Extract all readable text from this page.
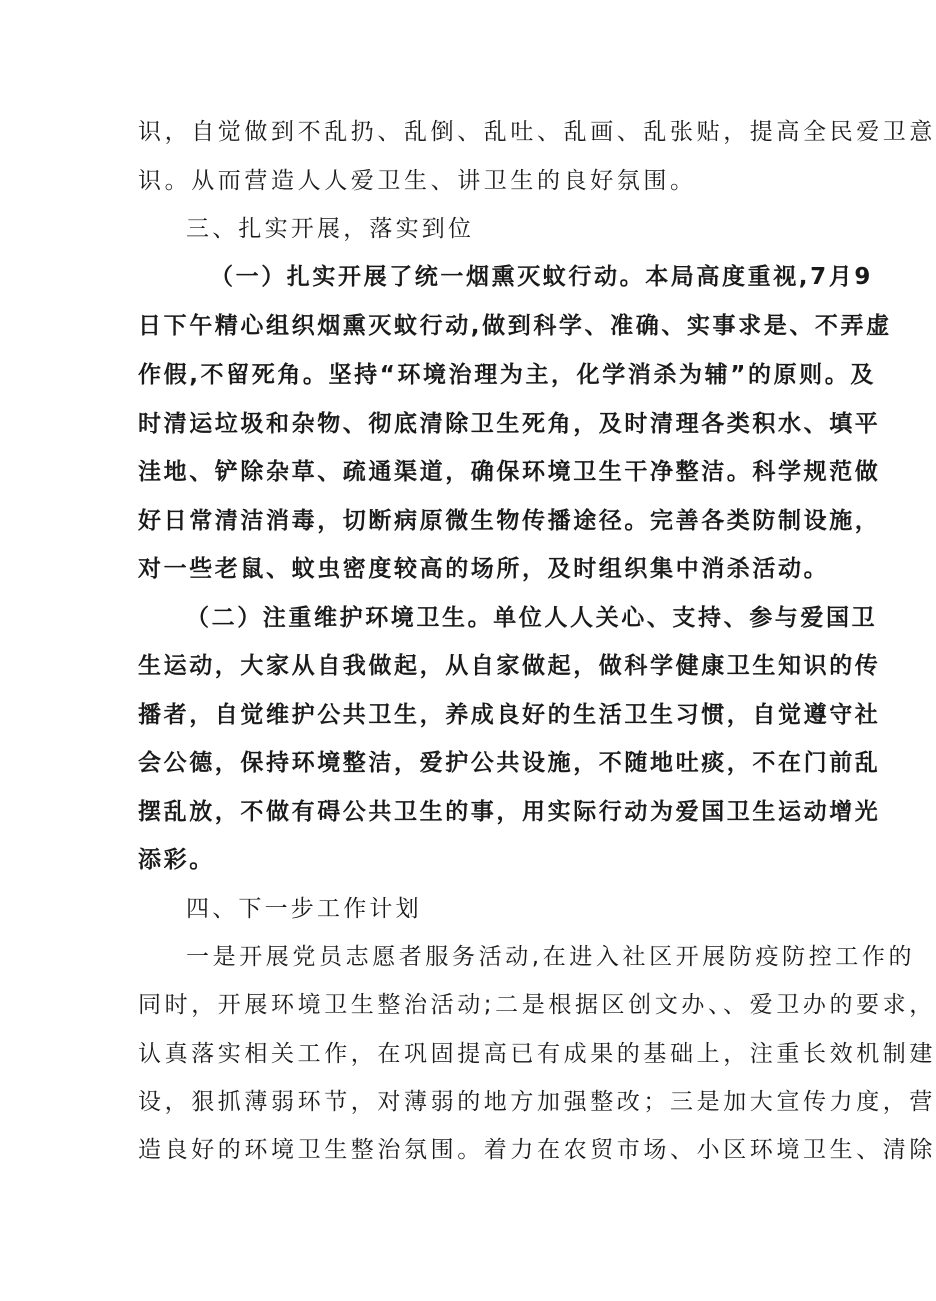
识，自觉做到不乱扔、乱倒、乱吐、乱画、乱张贴，提高全民爱卫意
识。从而营造人人爱卫生、讲卫生的良好氛围。
三、扎实开展，落实到位
（一）扎实开展了统一烟熏灭蚊行动。本局高度重视,7月9
日下午精心组织烟熏灭蚊行动,做到科学、准确、实事求是、不弄虚
作假,不留死角。坚持“环境治理为主，化学消杀为辅”的原则。及
时清运垃圾和杂物、彻底清除卫生死角，及时清理各类积水、填平
洼地、铲除杂草、疏通渠道，确保环境卫生干净整洁。科学规范做
好日常清洁消毒，切断病原微生物传播途径。完善各类防制设施，
对一些老鼠、蚊虫密度较高的场所，及时组织集中消杀活动。
（二）注重维护环境卫生。单位人人关心、支持、参与爱国卫
生运动，大家从自我做起，从自家做起，做科学健康卫生知识的传
播者，自觉维护公共卫生，养成良好的生活卫生习惯，自觉遵守社
会公德，保持环境整洁，爱护公共设施，不随地吐痰，不在门前乱
摆乱放，不做有碍公共卫生的事，用实际行动为爱国卫生运动增光
添彩。
四、下一步工作计划
一是开展党员志愿者服务活动,在进入社区开展防疫防控工作的
同时，开展环境卫生整治活动;二是根据区创文办、、爱卫办的要求，
认真落实相关工作，在巩固提高已有成果的基础上，注重长效机制建
设，狠抓薄弱环节，对薄弱的地方加强整改；三是加大宣传力度，营
造良好的环境卫生整治氛围。着力在农贸市场、小区环境卫生、清除
